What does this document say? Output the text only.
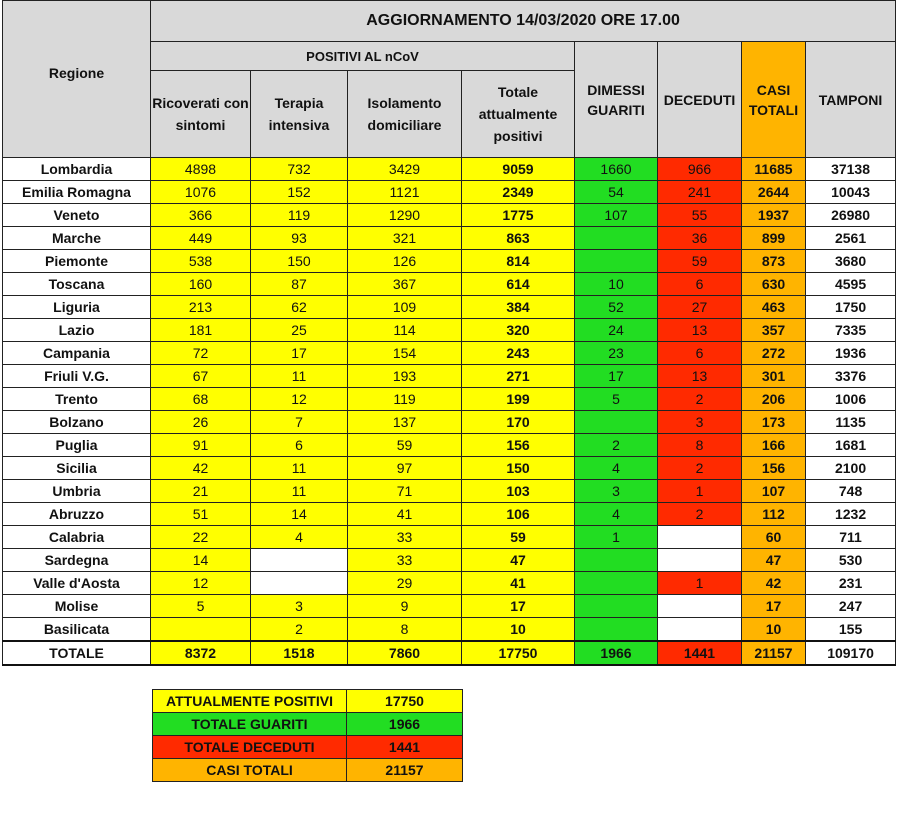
Regione	AGGIORNAMENTO 14/03/2020 ORE 17.00							
	POSITIVI AL nCoV				DIMESSI GUARITI	DECEDUTI	CASI TOTALI	TAMPONI
	Ricoverati con sintomi	Terapia intensiva	Isolamento domiciliare	Totale attualmente positivi				
Lombardia	4898	732	3429	9059	1660	966	11685	37138
Emilia Romagna	1076	152	1121	2349	54	241	2644	10043
Veneto	366	119	1290	1775	107	55	1937	26980
Marche	449	93	321	863		36	899	2561
Piemonte	538	150	126	814		59	873	3680
Toscana	160	87	367	614	10	6	630	4595
Liguria	213	62	109	384	52	27	463	1750
Lazio	181	25	114	320	24	13	357	7335
Campania	72	17	154	243	23	6	272	1936
Friuli V.G.	67	11	193	271	17	13	301	3376
Trento	68	12	119	199	5	2	206	1006
Bolzano	26	7	137	170		3	173	1135
Puglia	91	6	59	156	2	8	166	1681
Sicilia	42	11	97	150	4	2	156	2100
Umbria	21	11	71	103	3	1	107	748
Abruzzo	51	14	41	106	4	2	112	1232
Calabria	22	4	33	59	1		60	711
Sardegna	14		33	47			47	530
Valle d'Aosta	12		29	41		1	42	231
Molise	5	3	9	17			17	247
Basilicata		2	8	10			10	155
TOTALE	8372	1518	7860	17750	1966	1441	21157	109170
ATTUALMENTE POSITIVI	17750
TOTALE GUARITI	1966
TOTALE DECEDUTI	1441
CASI TOTALI	21157
